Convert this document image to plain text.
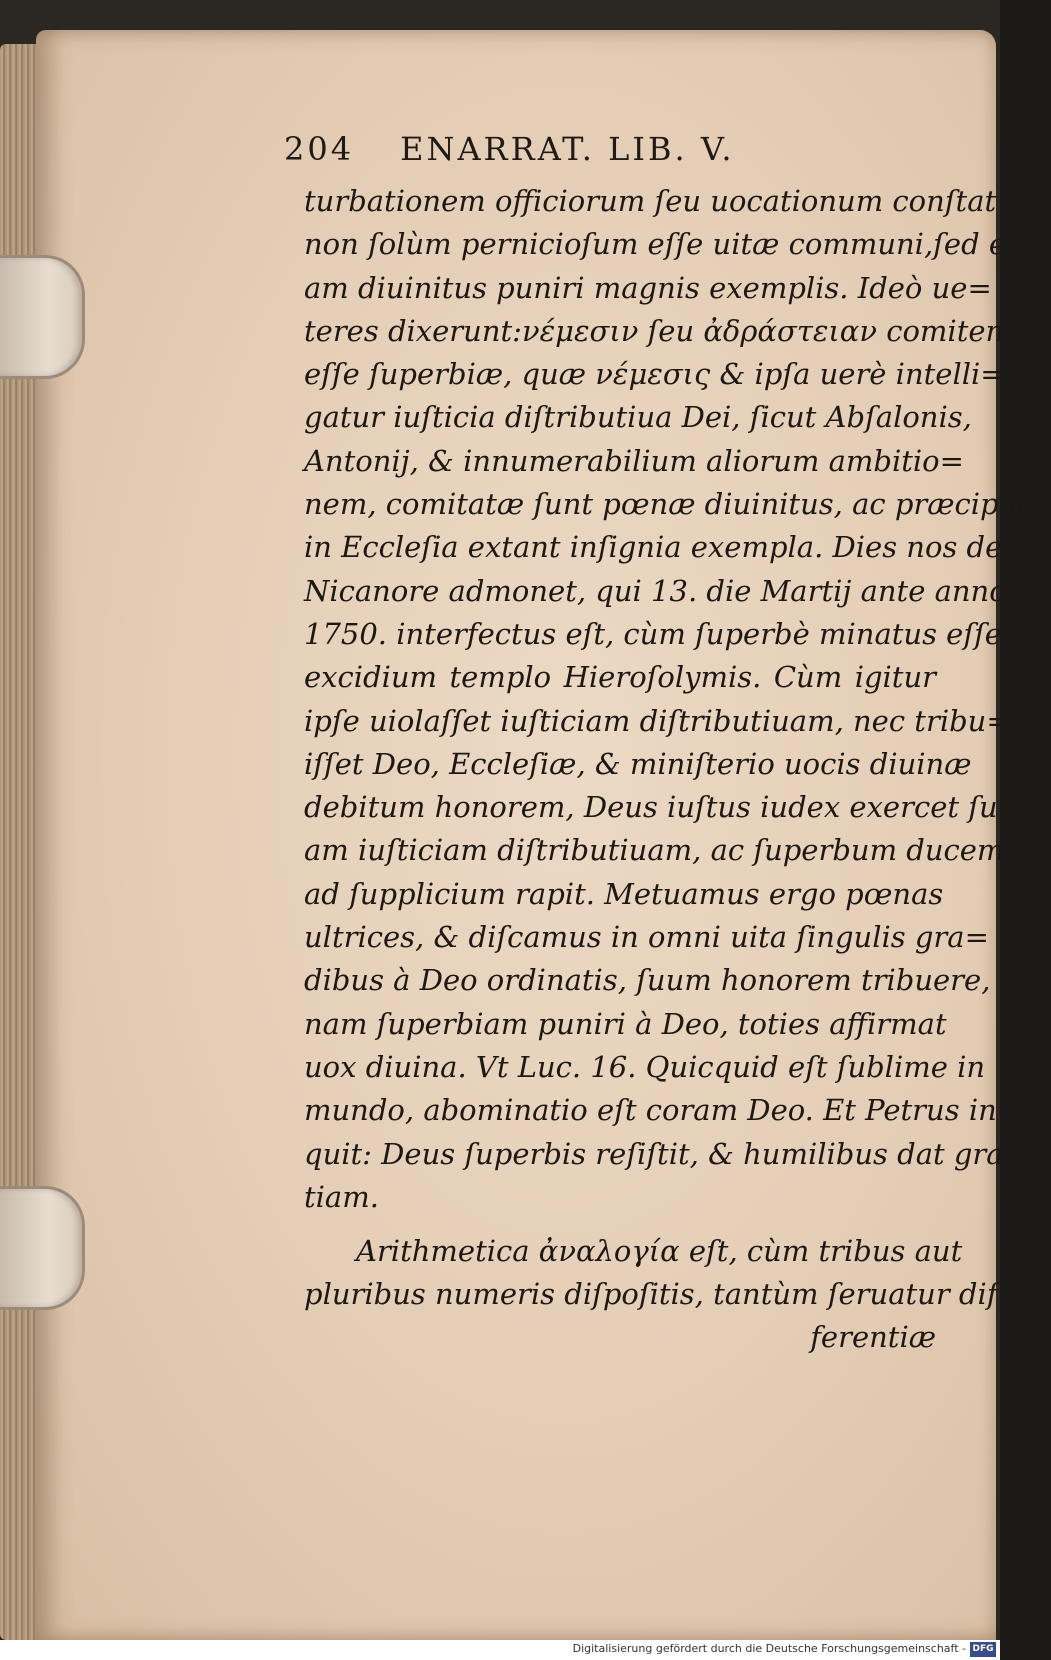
204 ENARRAT. LIB. V.
turbationem officiorum ſeu uocationum conſtat
non ſolùm pernicioſum eſſe uitæ communi,ſed eti=
am diuinitus puniri magnis exemplis. Ideò ue=
teres dixerunt:νέμεσιν ſeu ἀδράστειαν comitem
eſſe ſuperbiæ, quæ νέμεσις & ipſa uerè intelli=
gatur iuſticia diſtributiua Dei, ſicut Abſalonis,
Antonij, & innumerabilium aliorum ambitio=
nem, comitatæ ſunt pœnæ diuinitus, ac præcipuè
in Eccleſia extant inſignia exempla. Dies nos de
Nicanore admonet, qui 13. die Martij ante annos
1750. interfectus eſt, cùm ſuperbè minatus eſſet
excidium templo Hieroſolymis. Cùm igitur
ipſe uiolaſſet iuſticiam diſtributiuam, nec tribu=
iſſet Deo, Eccleſiæ, & miniſterio uocis diuinæ
debitum honorem, Deus iuſtus iudex exercet ſu=
am iuſticiam diſtributiuam, ac ſuperbum ducem
ad ſupplicium rapit. Metuamus ergo pœnas
ultrices, & diſcamus in omni uita ſingulis gra=
dibus à Deo ordinatis, ſuum honorem tribuere,
nam ſuperbiam puniri à Deo, toties affirmat
uox diuina. Vt Luc. 16. Quicquid eſt ſublime in
mundo, abominatio eſt coram Deo. Et Petrus in=
quit: Deus ſuperbis reſiſtit, & humilibus dat gra=
tiam.
Arithmetica ἀναλογία eſt, cùm tribus aut
pluribus numeris diſpoſitis, tantùm ſeruatur dif=
ferentiæ
Digitalisierung gefördert durch die Deutsche Forschungsgemeinschaft - DFG
